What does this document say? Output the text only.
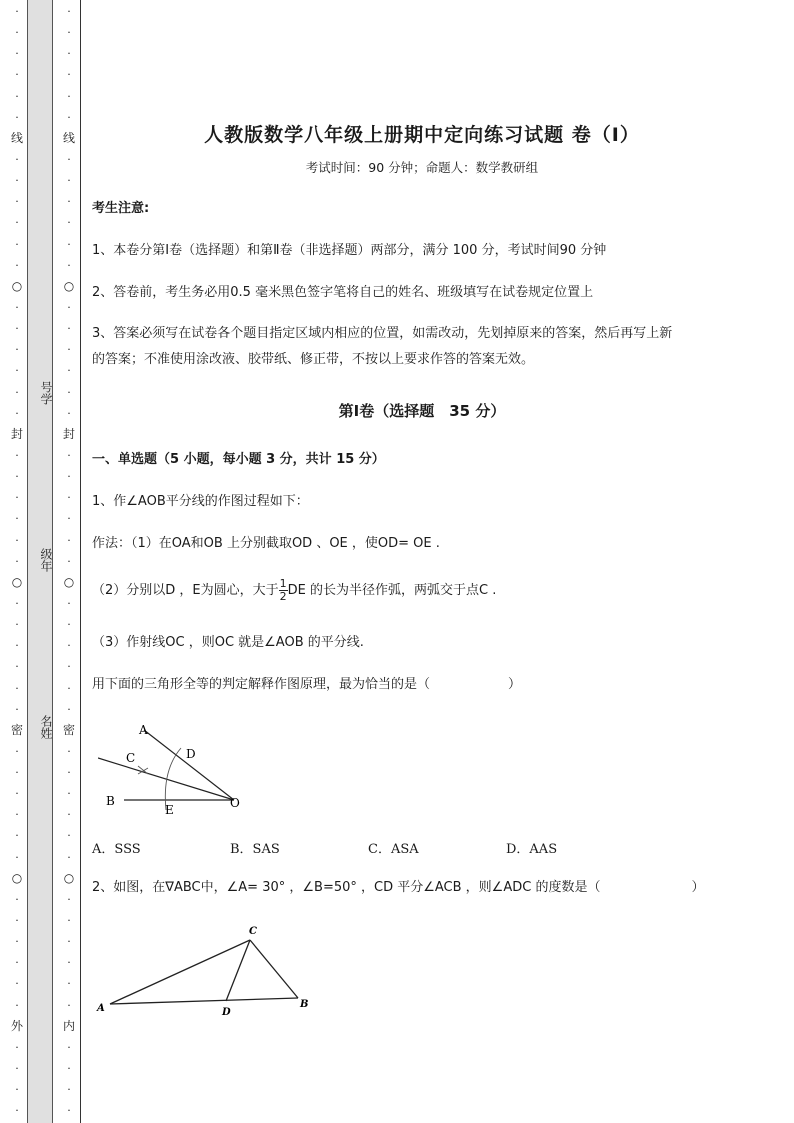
·
·
·
·
·
·
线
·
·
·
·
·
·
○
·
·
·
·
·
·
封
·
·
·
·
·
·
○
·
·
·
·
·
·
密
·
·
·
·
·
·
○
·
·
·
·
·
·
外
·
·
·
·
号学
级年
名姓
·
·
·
·
·
·
线
·
·
·
·
·
·
○
·
·
·
·
·
·
封
·
·
·
·
·
·
○
·
·
·
·
·
·
密
·
·
·
·
·
·
○
·
·
·
·
·
·
内
·
·
·
·
人教版数学八年级上册期中定向练习试题 卷（Ⅰ）
考试时间：90 分钟；命题人：数学教研组
考生注意:
1、本卷分第Ⅰ卷（选择题）和第Ⅱ卷（非选择题）两部分，满分 100 分，考试时间90 分钟
2、答卷前，考生务必用0.5 毫米黑色签字笔将自己的姓名、班级填写在试卷规定位置上
3、答案必须写在试卷各个题目指定区域内相应的位置，如需改动，先划掉原来的答案，然后再写上新
的答案；不准使用涂改液、胶带纸、修正带，不按以上要求作答的答案无效。
第Ⅰ卷（选择题　35 分）
一、单选题（5 小题，每小题 3 分，共计 15 分）
1、作∠AOB平分线的作图过程如下：
作法：（1）在OA和OB 上分别截取OD 、OE ，使OD= OE .
（2）分别以D ，E为圆心，大于 $\frac{1}{2}$ DE 的长为半径作弧，两弧交于点C .
（3）作射线OC ，则OC 就是∠AOB 的平分线.
用下面的三角形全等的判定解释作图原理，最为恰当的是（　　　　　　）
A
C	D
B
E	O
A．SSS	B．SAS	C．ASA	D．AAS
2、如图，在∇ABC中，∠A= 30° ，∠B=50° ，CD 平分∠ACB ，则∠ADC 的度数是（　　　　　　　）
A	B
C
D
